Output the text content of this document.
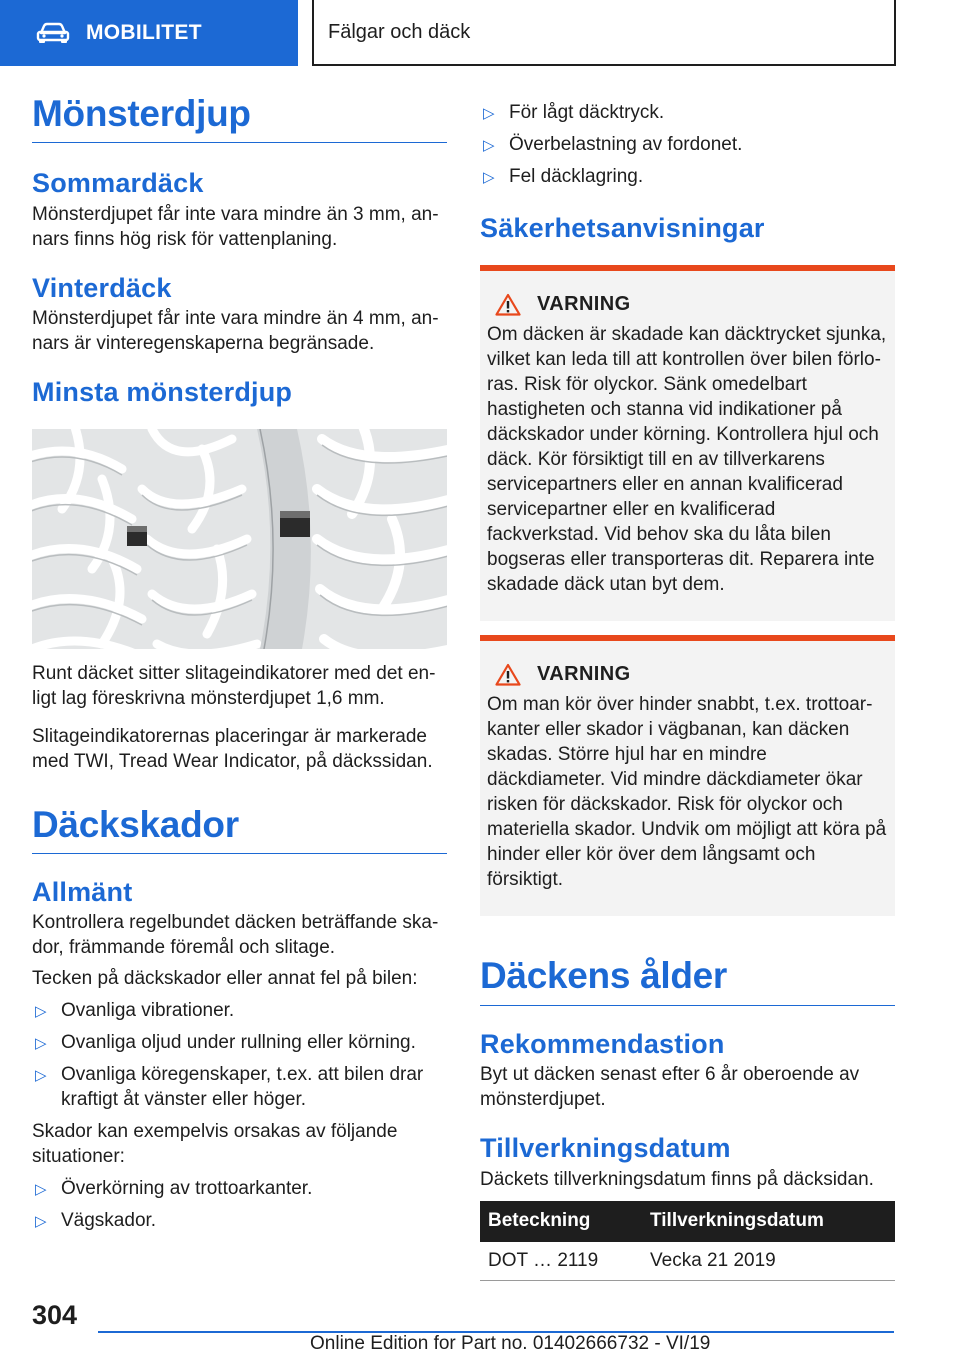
MOBILITET	Fälgar och däck
Mönsterdjup
Sommardäck

Mönsterdjupet får inte vara mindre än 3 mm, annars finns hög risk för vattenplaning.

Vinterdäck

Mönsterdjupet får inte vara mindre än 4 mm, annars är vinteregenskaperna begränsade.

Minsta mönsterdjup

Runt däcket sitter slitageindikatorer med det enligt lag föreskrivna mönsterdjupet 1,6 mm.

Slitageindikatorernas placeringar är markerade med TWI, Tread Wear Indicator, på däckssidan.

Däckskador
Allmänt

Kontrollera regelbundet däcken beträffande skador, främmande föremål och slitage.

Tecken på däckskador eller annat fel på bilen:

▷ Ovanliga vibrationer.
▷ Ovanliga oljud under rullning eller körning.
▷ Ovanliga köregenskaper, t.ex. att bilen drar kraftigt åt vänster eller höger.

Skador kan exempelvis orsakas av följande situationer:

▷ Överkörning av trottoarkanter.
▷ Vägskador.
▷ För lågt däcktryck.
▷ Överbelastning av fordonet.
▷ Fel däcklagring.
Säkerhetsanvisningar
VARNING

Om däcken är skadade kan däcktrycket sjunka, vilket kan leda till att kontrollen över bilen förloras. Risk för olyckor. Sänk omedelbart hastigheten och stanna vid indikationer på däckskador under körning. Kontrollera hjul och däck. Kör försiktigt till en av tillverkarens servicepartners eller en annan kvalificerad servicepartner eller en kvalificerad fackverkstad. Vid behov ska du låta bilen bogseras eller transporteras dit. Reparera inte skadade däck utan byt dem.

VARNING

Om man kör över hinder snabbt, t.ex. trottoarkanter eller skador i vägbanan, kan däcken skadas. Större hjul har en mindre däckdiameter. Vid mindre däckdiameter ökar risken för däckskador. Risk för olyckor och materiella skador. Undvik om möjligt att köra på hinder eller kör över dem långsamt och försiktigt.

Däckens ålder
Rekommendastion

Byt ut däcken senast efter 6 år oberoende av mönsterdjupet.

Tillverkningsdatum

Däckets tillverkningsdatum finns på däcksidan.

Beteckning	Tillverkningsdatum
DOT … 2119	Vecka 21 2019
304
Online Edition for Part no. 01402666732 - VI/19
